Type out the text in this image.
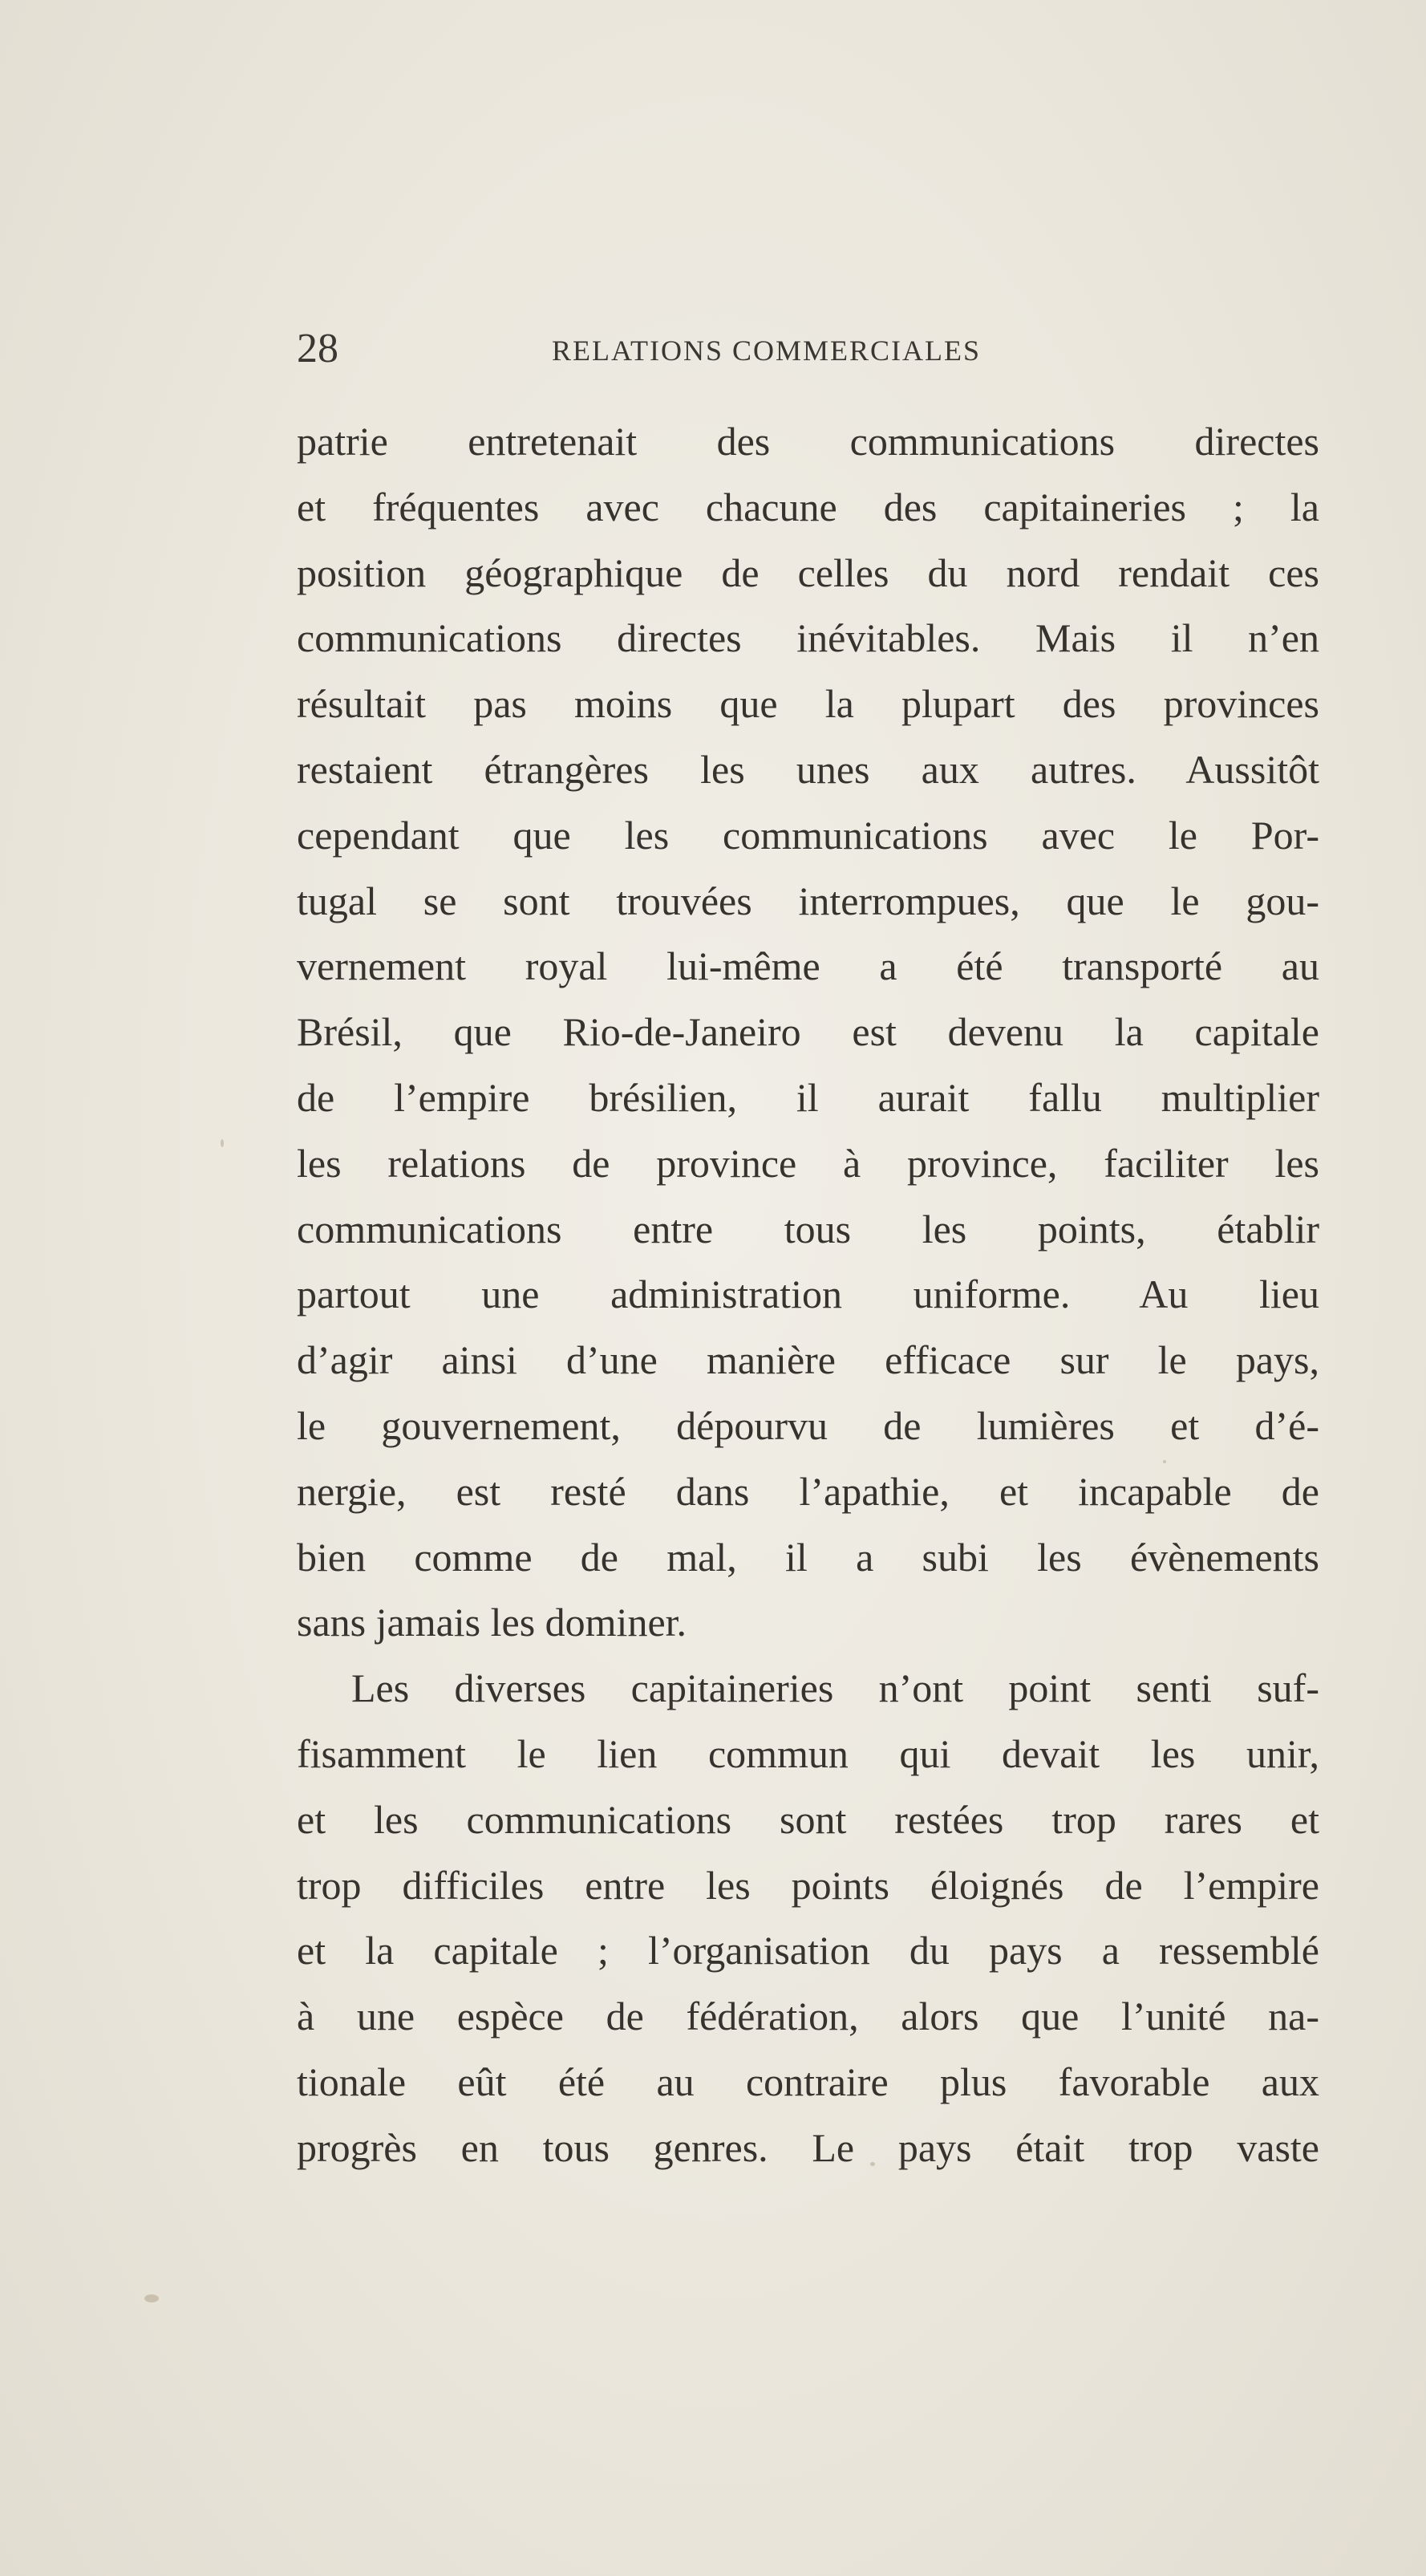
28	RELATIONS COMMERCIALES
patrie entretenait des communications directes
et fréquentes avec chacune des capitaineries ; la
position géographique de celles du nord rendait ces
communications directes inévitables. Mais il n’en
résultait pas moins que la plupart des provinces
restaient étrangères les unes aux autres. Aussitôt
cependant que les communications avec le Por-
tugal se sont trouvées interrompues, que le gou-
vernement royal lui-même a été transporté au
Brésil, que Rio-de-Janeiro est devenu la capitale
de l’empire brésilien, il aurait fallu multiplier
les relations de province à province, faciliter les
communications entre tous les points, établir
partout une administration uniforme. Au lieu
d’agir ainsi d’une manière efficace sur le pays,
le gouvernement, dépourvu de lumières et d’é-
nergie, est resté dans l’apathie, et incapable de
bien comme de mal, il a subi les évènements
sans jamais les dominer.
Les diverses capitaineries n’ont point senti suf-
fisamment le lien commun qui devait les unir,
et les communications sont restées trop rares et
trop difficiles entre les points éloignés de l’empire
et la capitale ; l’organisation du pays a ressemblé
à une espèce de fédération, alors que l’unité na-
tionale eût été au contraire plus favorable aux
progrès en tous genres. Le pays était trop vaste
